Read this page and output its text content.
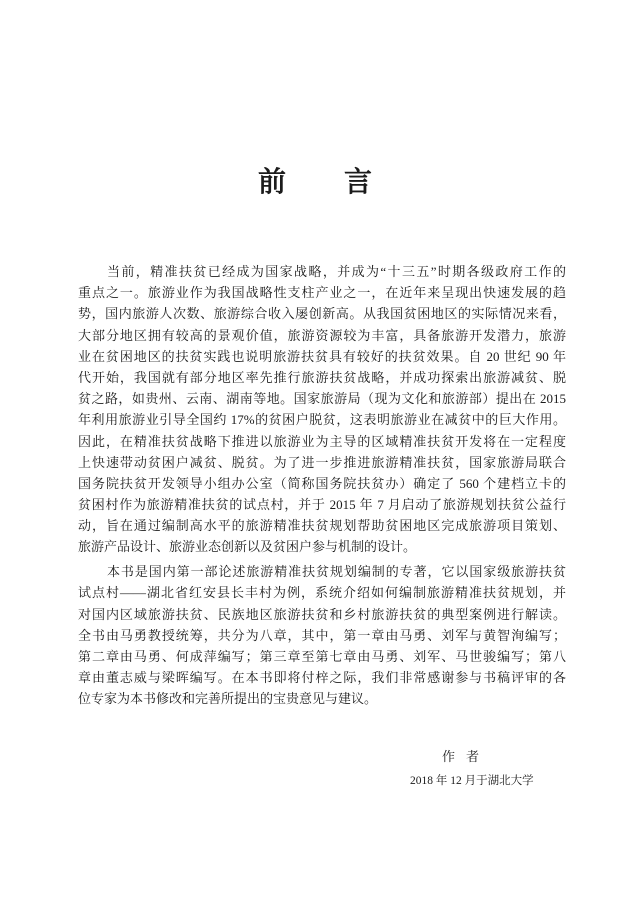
前言
当前，精准扶贫已经成为国家战略，并成为“十三五”时期各级政府工作的
重点之一。旅游业作为我国战略性支柱产业之一，在近年来呈现出快速发展的趋
势，国内旅游人次数、旅游综合收入屡创新高。从我国贫困地区的实际情况来看，
大部分地区拥有较高的景观价值，旅游资源较为丰富，具备旅游开发潜力，旅游
业在贫困地区的扶贫实践也说明旅游扶贫具有较好的扶贫效果。自 20 世纪 90 年
代开始，我国就有部分地区率先推行旅游扶贫战略，并成功探索出旅游减贫、脱
贫之路，如贵州、云南、湖南等地。国家旅游局（现为文化和旅游部）提出在 2015
年利用旅游业引导全国约 17%的贫困户脱贫，这表明旅游业在减贫中的巨大作用。
因此，在精准扶贫战略下推进以旅游业为主导的区域精准扶贫开发将在一定程度
上快速带动贫困户减贫、脱贫。为了进一步推进旅游精准扶贫，国家旅游局联合
国务院扶贫开发领导小组办公室（简称国务院扶贫办）确定了 560 个建档立卡的
贫困村作为旅游精准扶贫的试点村，并于 2015 年 7 月启动了旅游规划扶贫公益行
动，旨在通过编制高水平的旅游精准扶贫规划帮助贫困地区完成旅游项目策划、
旅游产品设计、旅游业态创新以及贫困户参与机制的设计。
本书是国内第一部论述旅游精准扶贫规划编制的专著，它以国家级旅游扶贫
试点村——湖北省红安县长丰村为例，系统介绍如何编制旅游精准扶贫规划，并
对国内区域旅游扶贫、民族地区旅游扶贫和乡村旅游扶贫的典型案例进行解读。
全书由马勇教授统筹，共分为八章，其中，第一章由马勇、刘军与黄智洵编写；
第二章由马勇、何成萍编写；第三章至第七章由马勇、刘军、马世骏编写；第八
章由董志威与梁晖编写。在本书即将付梓之际，我们非常感谢参与书稿评审的各
位专家为本书修改和完善所提出的宝贵意见与建议。
作者
2018 年 12 月于湖北大学
